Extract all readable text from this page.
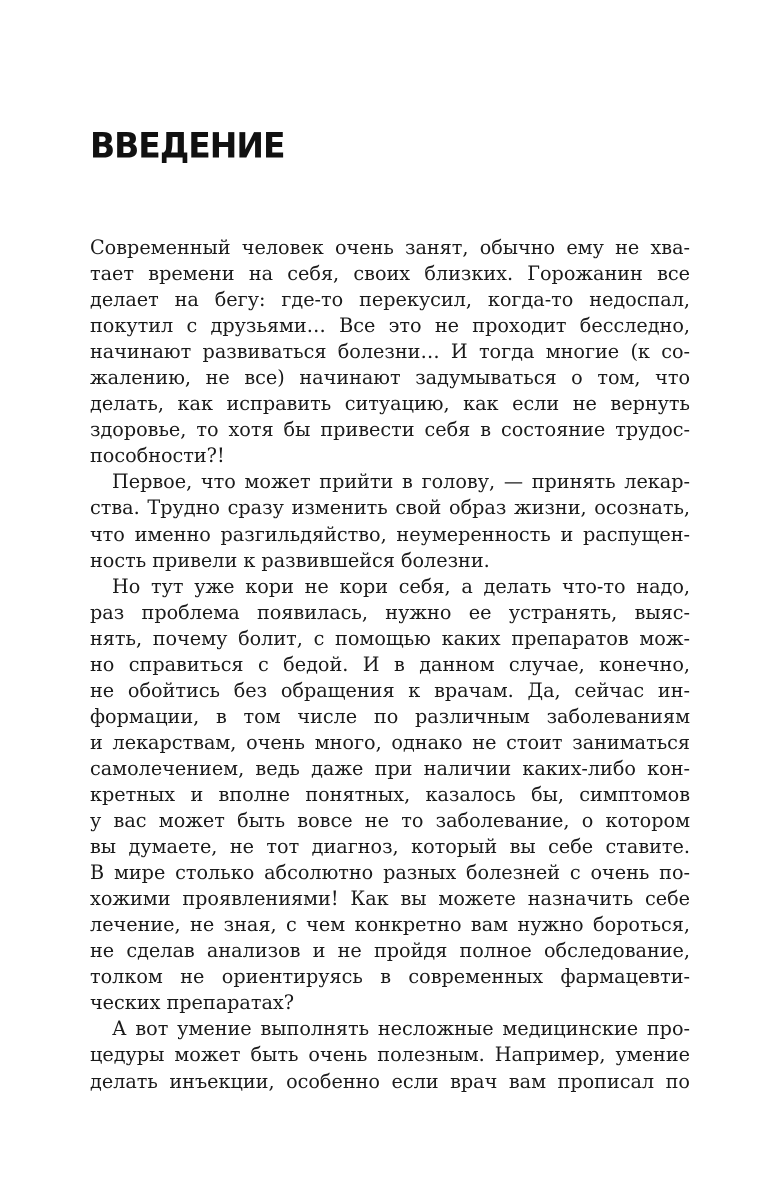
ВВЕДЕНИЕ
Современный человек очень занят, обычно ему не хва-
тает времени на себя, своих близких. Горожанин все
делает на бегу: где-то перекусил, когда-то недоспал,
покутил с друзьями… Все это не проходит бесследно,
начинают развиваться болезни… И тогда многие (к со-
жалению, не все) начинают задумываться о том, что
делать, как исправить ситуацию, как если не вернуть
здоровье, то хотя бы привести себя в состояние трудос-
пособности?!
Первое, что может прийти в голову, — принять лекар-
ства. Трудно сразу изменить свой образ жизни, осознать,
что именно разгильдяйство, неумеренность и распущен-
ность привели к развившейся болезни.
Но тут уже кори не кори себя, а делать что-то надо,
раз проблема появилась, нужно ее устранять, выяс-
нять, почему болит, с помощью каких препаратов мож-
но справиться с бедой. И в данном случае, конечно,
не обойтись без обращения к врачам. Да, сейчас ин-
формации, в том числе по различным заболеваниям
и лекарствам, очень много, однако не стоит заниматься
самолечением, ведь даже при наличии каких-либо кон-
кретных и вполне понятных, казалось бы, симптомов
у вас может быть вовсе не то заболевание, о котором
вы думаете, не тот диагноз, который вы себе ставите.
В мире столько абсолютно разных болезней с очень по-
хожими проявлениями! Как вы можете назначить себе
лечение, не зная, с чем конкретно вам нужно бороться,
не сделав анализов и не пройдя полное обследование,
толком не ориентируясь в современных фармацевти-
ческих препаратах?
А вот умение выполнять несложные медицинские про-
цедуры может быть очень полезным. Например, умение
делать инъекции, особенно если врач вам прописал по
